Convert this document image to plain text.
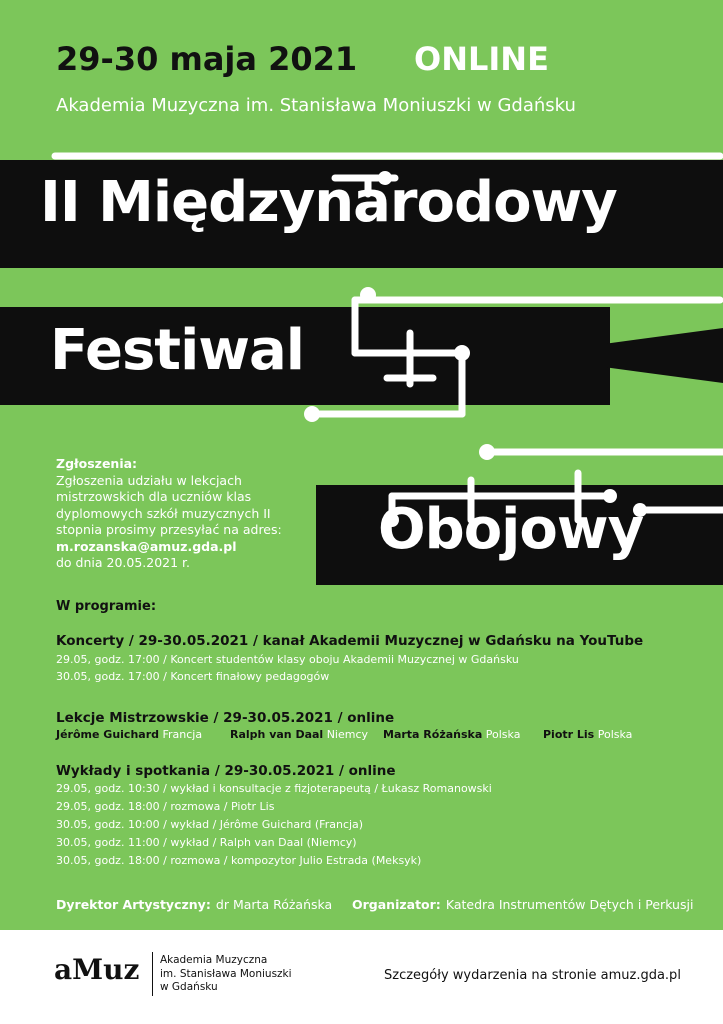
29-30 maja 2021 ONLINE
Akademia Muzyczna im. Stanisława Moniuszki w Gdańsku
II Międzynarodowy
Festiwal
Obojowy
Zgłoszenia:
Zgłoszenia udziału w lekcjach mistrzowskich dla uczniów klas dyplomowych szkół muzycznych II stopnia prosimy przesyłać na adres: m.rozanska@amuz.gda.pl
do dnia 20.05.2021 r.
W programie:
Koncerty / 29-30.05.2021 / kanał Akademii Muzycznej w Gdańsku na YouTube
29.05, godz. 17:00 / Koncert studentów klasy oboju Akademii Muzycznej w Gdańsku
30.05, godz. 17:00 / Koncert finałowy pedagogów
Lekcje Mistrzowskie / 29-30.05.2021 / online
Jérôme Guichard Francja	Ralph van Daal Niemcy Marta Różańska Polska Piotr Lis Polska
Wykłady i spotkania / 29-30.05.2021 / online
29.05, godz. 10:30 / wykład i konsultacje z fizjoterapeutą / Łukasz Romanowski
29.05, godz. 18:00 / rozmowa / Piotr Lis
30.05, godz. 10:00 / wykład / Jérôme Guichard (Francja)
30.05, godz. 11:00 / wykład / Ralph van Daal (Niemcy)
30.05, godz. 18:00 / rozmowa / kompozytor Julio Estrada (Meksyk)
Dyrektor Artystyczny: dr Marta Różańska Organizator: Katedra Instrumentów Dętych i Perkusji
aMuz Akademia Muzyczna
im. Stanisława Moniuszki
w Gdańsku
Szczegóły wydarzenia na stronie amuz.gda.pl
